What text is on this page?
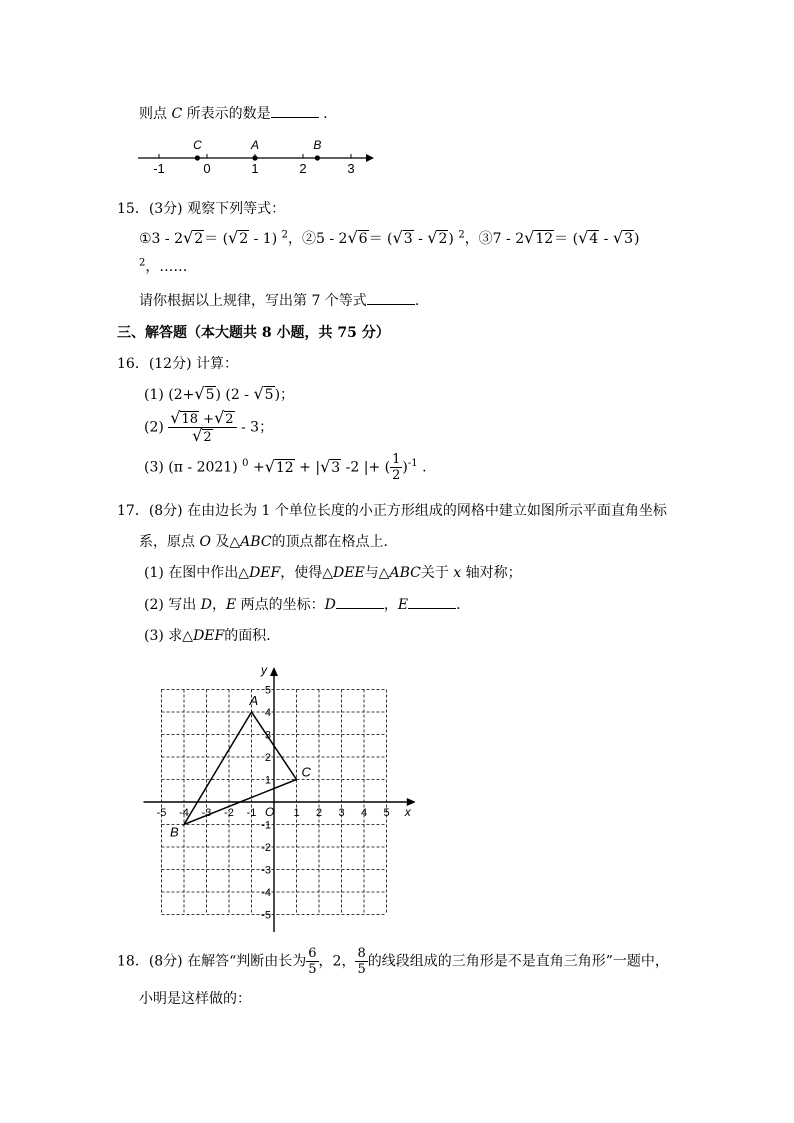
则点 C 所表示的数是	.
-1	0	1	2	3
C	A	B
15．(3分) 观察下列等式：
①3 - 2√2＝ (√2 - 1) $^2$，②5 - 2√6＝ (√3 - √2) $^2$，③7 - 2√12＝ (√4 - √3)
$^2$，……
请你根据以上规律，写出第 7 个等式	.
三、解答题（本大题共 8 小题，共 75 分）
16．(12分) 计算：
(1) (2+√5) (2 - √5)；
$(2) \frac{√18 +√2}{√2} - 3$；
(3) (π - 2021) $^0$ +√12 + |√3 -2 |+ ( $\frac{1}{2} )^{-1}$ .
17．(8分) 在由边长为 1 个单位长度的小正方形组成的网格中建立如图所示平面直角坐标
系，原点 O 及△ABC的顶点都在格点上．
(1) 在图中作出△DEF，使得△DEE与△ABC关于 x 轴对称；
(2) 写出 D，E 两点的坐标：D	，E	.
(3) 求△DEF的面积．
-5 -4 -3 -2 -1 O 1 2 3 4 5
5
4
3
2
1
-1
-2
-3
-4
-5
x
y
A
B
C
18．(8分) 在解答“判断由长为 $\frac{6}{5}$ ，2， $\frac{8}{5}$ 的线段组成的三角形是不是直角三角形”一题中，
小明是这样做的：
